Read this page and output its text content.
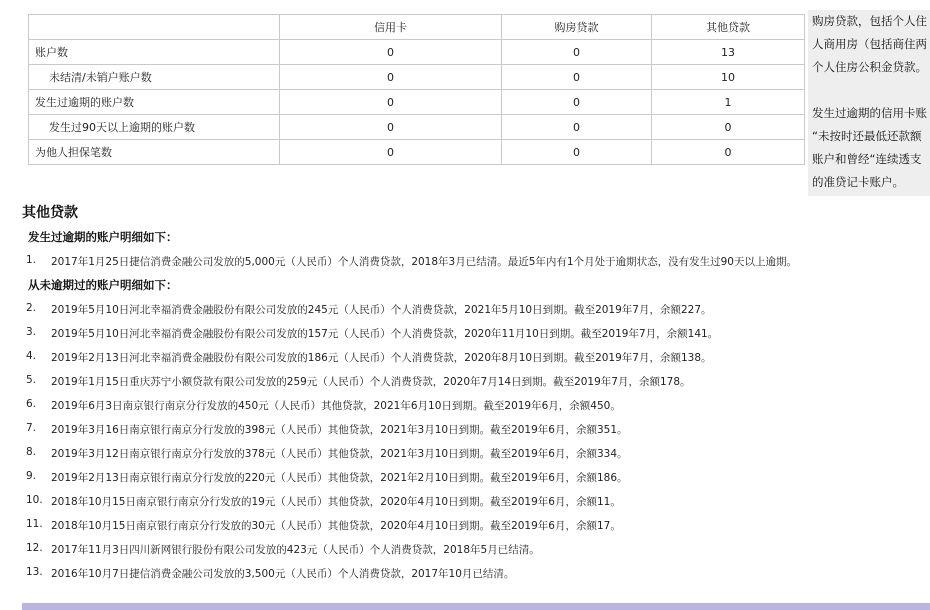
	信用卡	购房贷款	其他贷款
账户数	0	0	13
未结清/未销户账户数	0	0	10
发生过逾期的账户数	0	0	1
发生过90天以上逾期的账户数	0	0	0
为他人担保笔数	0	0	0

购房贷款，包括个人住

人商用房（包括商住两

个人住房公积金贷款。

发生过逾期的信用卡账

“未按时还最低还款额

账户和曾经“连续透支

的准贷记卡账户。

其他贷款
发生过逾期的账户明细如下：
1.	2017年1月25日捷信消费金融公司发放的5,000元（人民币）个人消费贷款，2018年3月已结清。最近5年内有1个月处于逾期状态，没有发生过90天以上逾期。
从未逾期过的账户明细如下：
2.	2019年5月10日河北幸福消费金融股份有限公司发放的245元（人民币）个人消费贷款，2021年5月10日到期。截至2019年7月，余额227。
3.	2019年5月10日河北幸福消费金融股份有限公司发放的157元（人民币）个人消费贷款，2020年11月10日到期。截至2019年7月，余额141。
4.	2019年2月13日河北幸福消费金融股份有限公司发放的186元（人民币）个人消费贷款，2020年8月10日到期。截至2019年7月，余额138。
5.	2019年1月15日重庆苏宁小额贷款有限公司发放的259元（人民币）个人消费贷款，2020年7月14日到期。截至2019年7月，余额178。
6.	2019年6月3日南京银行南京分行发放的450元（人民币）其他贷款，2021年6月10日到期。截至2019年6月，余额450。
7.	2019年3月16日南京银行南京分行发放的398元（人民币）其他贷款，2021年3月10日到期。截至2019年6月，余额351。
8.	2019年3月12日南京银行南京分行发放的378元（人民币）其他贷款，2021年3月10日到期。截至2019年6月，余额334。
9.	2019年2月13日南京银行南京分行发放的220元（人民币）其他贷款，2021年2月10日到期。截至2019年6月，余额186。
10. 2018年10月15日南京银行南京分行发放的19元（人民币）其他贷款，2020年4月10日到期。截至2019年6月，余额11。
11. 2018年10月15日南京银行南京分行发放的30元（人民币）其他贷款，2020年4月10日到期。截至2019年6月，余额17。
12. 2017年11月3日四川新网银行股份有限公司发放的423元（人民币）个人消费贷款，2018年5月已结清。
13. 2016年10月7日捷信消费金融公司发放的3,500元（人民币）个人消费贷款，2017年10月已结清。
